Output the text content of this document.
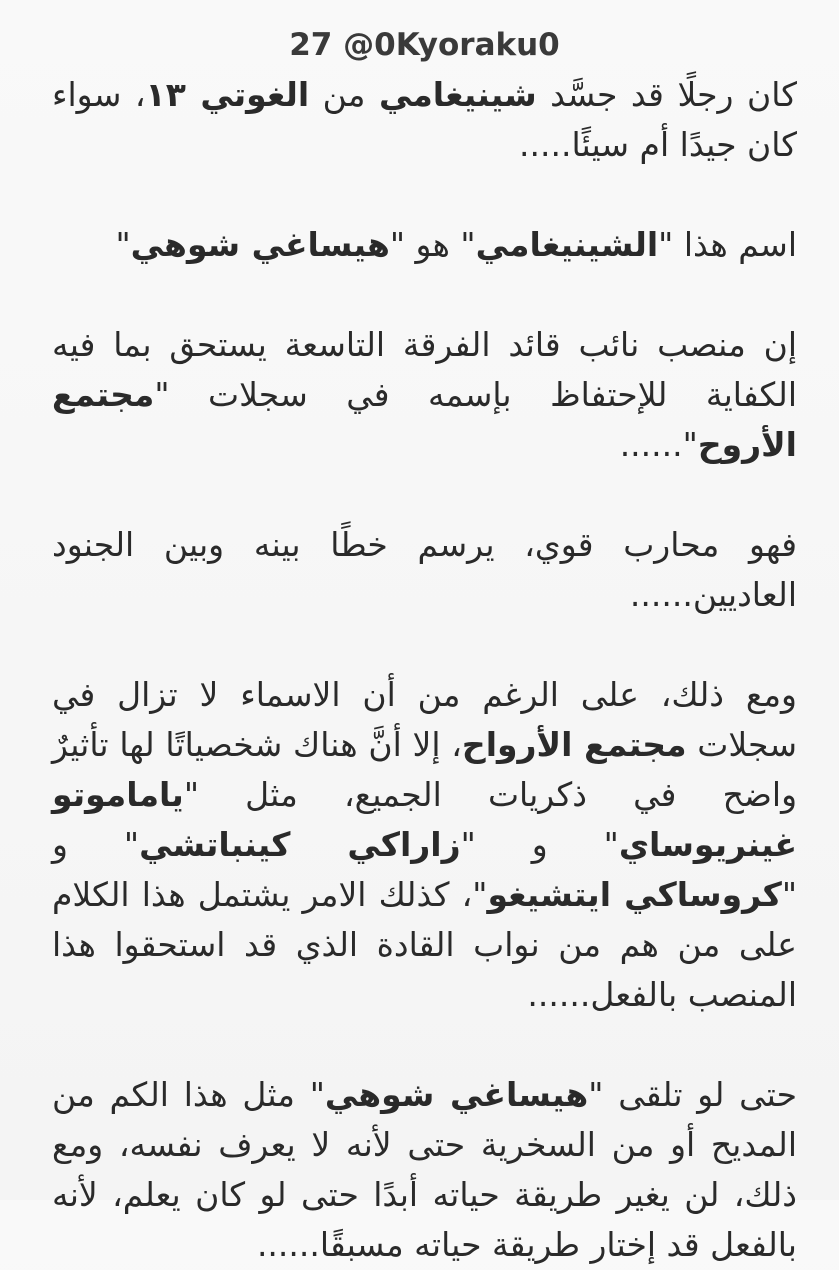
27 @0Kyoraku0

كان رجلًا قد جسَّد شينيغامي من الغوتي ١٣، سواء كان جيدًا أم سيئًا.....

اسم هذا "الشينيغامي" هو "هيساغي شوهي"

إن منصب نائب قائد الفرقة التاسعة يستحق بما فيه الكفاية للإحتفاظ بإسمه في سجلات "مجتمع الأروح"......

فهو محارب قوي، يرسم خطًا بينه وبين الجنود العاديين......

ومع ذلك، على الرغم من أن الاسماء لا تزال في سجلات مجتمع الأرواح، إلا أنَّ هناك شخصياتًا لها تأثيرٌ واضح في ذكريات الجميع، مثل "ياماموتو غينريوساي" و "زاراكي كينباتشي" و "كروساكي ايتشيغو"، كذلك الامر يشتمل هذا الكلام على من هم من نواب القادة الذي قد استحقوا هذا المنصب بالفعل......

حتى لو تلقى "هيساغي شوهي" مثل هذا الكم من المديح أو من السخرية حتى لأنه لا يعرف نفسه، ومع ذلك، لن يغير طريقة حياته أبدًا حتى لو كان يعلم، لأنه بالفعل قد إختار طريقة حياته مسبقًا......
